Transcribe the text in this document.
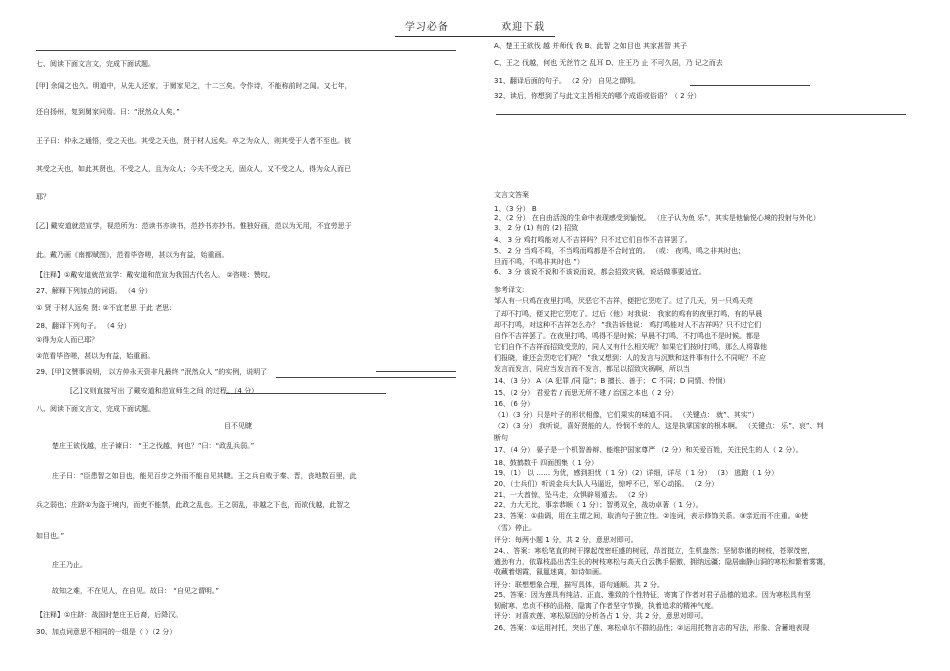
学习必备	欢迎下载
七、阅读下面文言文，完成下面试题。
[甲] 余闻之也久。明道中，从先人还家，于舅家见之，十二三矣。令作诗，不能称前时之闻。又七年，
还自扬州，复到舅家问焉。曰：“泯然众人矣。”
王子曰：仲永之通悟，受之天也。其受之天也，贤于材人远矣。卒之为众人，则其受于人者不至也。彼
其受之天也，如此其贤也，不受之人，且为众人；今夫不受之天，固众人，又不受之人，得为众人而已
耶？
[乙] 戴安道就范宣学，视范所为：范读书亦读书，范抄书亦抄书。惟独好画，范以为无用，不宜劳思于
此。戴乃画《南都赋图》，范看毕咨嗟，甚以为有益，始重画。
【注释】①戴安道就范宣学：戴安道和范宣为我国古代名人。 ②咨嗟：赞叹。
27、解释下列加点的词语。 （4 分）
① 贤 于材人远矣 贤: ②不宜老思 于此 老思:
28、翻译下列句子。 （4 分）
①得为众人而已耶？
②范看毕咨嗟，甚以为有益，始重画。
29、[甲]文赞事说明， 以方仲永天资非凡最终 “泯然众人 ”的实例，说明了
[乙]文则直接写出 了戴安道和范宣师生之间 的过程。（4 分）
八、阅读下面文言文，完成下面试题。
目不见睫
楚庄王欲伐越，庄子谏曰： “王之伐越，何也？”曰：“政乱兵弱。”
庄子曰：“臣患智之如目也，能见百步之外而不能自见其睫。王之兵自败于秦、晋，丧地数百里，此
兵之弱也；庄跻①为盗于境内，而吏不能禁，此政之乱也。王之弱乱，非越之下也，而欲伐越，此智之
如目也。”
庄王乃止。
故知之难，不在见人，在自见。故曰： “自见之谓明。”
【注释】①庄跻：战国时楚庄王后裔，后降汉。
30、加点词意思不相同的一组是（ ）（2 分）
A、楚王王欲伐 越 并师伐 我 B、此智 之如目也 其家甚智 其子
C、王之 伐越，何也 无丝竹之 乱耳 D、庄王乃 止 不可久居，乃 记之而去
31、翻译后面的句子。 （2 分） 自见之谓明。
32、读后，你想到了与此文主旨相关的哪个成语或俗语？（ 2 分）
文言文答案
1、（3 分） B
2、（2 分） 在自由活泼的生命中表现感受到愉悦。 （庄子认为鱼 乐”，其实是他愉悦心境的投射与外化）
3、 2 分 (1) 有的 (2) 招致
4、 3 分 鸡打鸣能对人不吉祥吗？只不过它们自作不吉祥罢了。
5、 2 分 当鸡不鸣，不当鸣而鸣都是不合时宜的。 （或： 夜鸣，鸣之非其时也；
旦而不鸣，不鸣非其时也 ”）
6、 3 分 该说不说和不该说而说，都会招致灾祸，说话做事要适宜。
参考译文:
邹人有一只鸡在夜里打鸣，厌恶它不吉祥，便把它烹吃了。过了几天，另一只鸡天亮
了却不打鸣，便又把它烹吃了。过后（他）对我说： 我家的鸡有的夜里打鸣，有的早晨
却不打鸣，对这种不吉祥怎么办？ ”我告诉他说： 鸡打鸣能对人不吉祥吗？只不过它们
自作不吉祥罢了。在夜里打鸣，鸣得不是时候；早晨不打鸣，不打鸣也不是时候。都是
它们自作不吉祥而招致受烹的，同人又有什么相关呢？如果它们按时打鸣，那么人将靠他
们报晓，谁还会烹吃它们呢？ ”我又想到：人的发言与沉默和这件事有什么不同呢？不应
发言而发言，同应当发言而不发言，都足以招致灾祸啊，所以当
14、（3 分） A（A 犯罪 /同 隐”；B 擅长、善于； C 不同；D 同情、怜悯）
15、（2 分） 君爱若 / 而思无所不建 / 治国之本也（ 2 分）
16、（6 分）
（1）（3 分）只是叶子的形状相像，它们果实的味道不同。 （关键点： 就”、其实”）
（2）（3 分） 我听说，喜好贤能的人，怜悯不幸的人，这是执掌国家的根本啊。 （关键点： 乐”、哀”、判
断句
17、（4 分） 晏子是一个机智善辩、能维护国家尊严 （2 分）和关爱百姓，关注民生的人（ 2 分）。
18、鼓鹤数千 四面围集（ 1 分）
19、（1） 以 …… 为优，感到担忧（ 1 分）（2）详细，详尽（ 1 分） （3） 逃跑（ 1 分）
20、（士兵们）听说金兵大队人马逼近，惊呼不已，军心动摇。 （2 分）
21、一大酋惊，坠马走，众惧辟易遁去。 （2 分）
22、力大无比，事亲恭顺（ 1 分）；智勇双全，战功卓著（ 1 分）。
23、答案：①曲调，用在主谓之间，取消句子独立性。②连词，表示修饰关系。③亲近而不庄重。④使
（雪）停止。
评分：每两小题 1 分，共 2 分，意思对即可。
24、、答案：寒松笔直的树干撑起茂密旺盛的树冠，昂首挺立，生机盎然；坚韧恭谨的树枝，苍翠茂密，
遒劲有力，依靠枝晶出苦生长的树枝寒松与高天白云携手倨傲，拥纳远疆；隐居幽静山洞的寒松和繁着雾霭，
收藏着烟霞，氤氲迷离，如诗如画。
评分：联想想象合理，描写具体，语句通顺。共 2 分。
25、答案：因为莲具有纯洁、正直、雅致的个性特征，寄寓了作者对君子品德的追求。因为寒松具有坚
韧耐寒、忠贞不移的品格，隐寓了作者坚守节操，执着追求的精神气度。
评分：对喜欢莲、寒松原因的分析各占 1 分，共 2 分，意思对即可。
26、答案：①运用衬托，突出了莲、寒松卓尔不群的品性；②运用托物言志的写法，形象、含蓄地表现
